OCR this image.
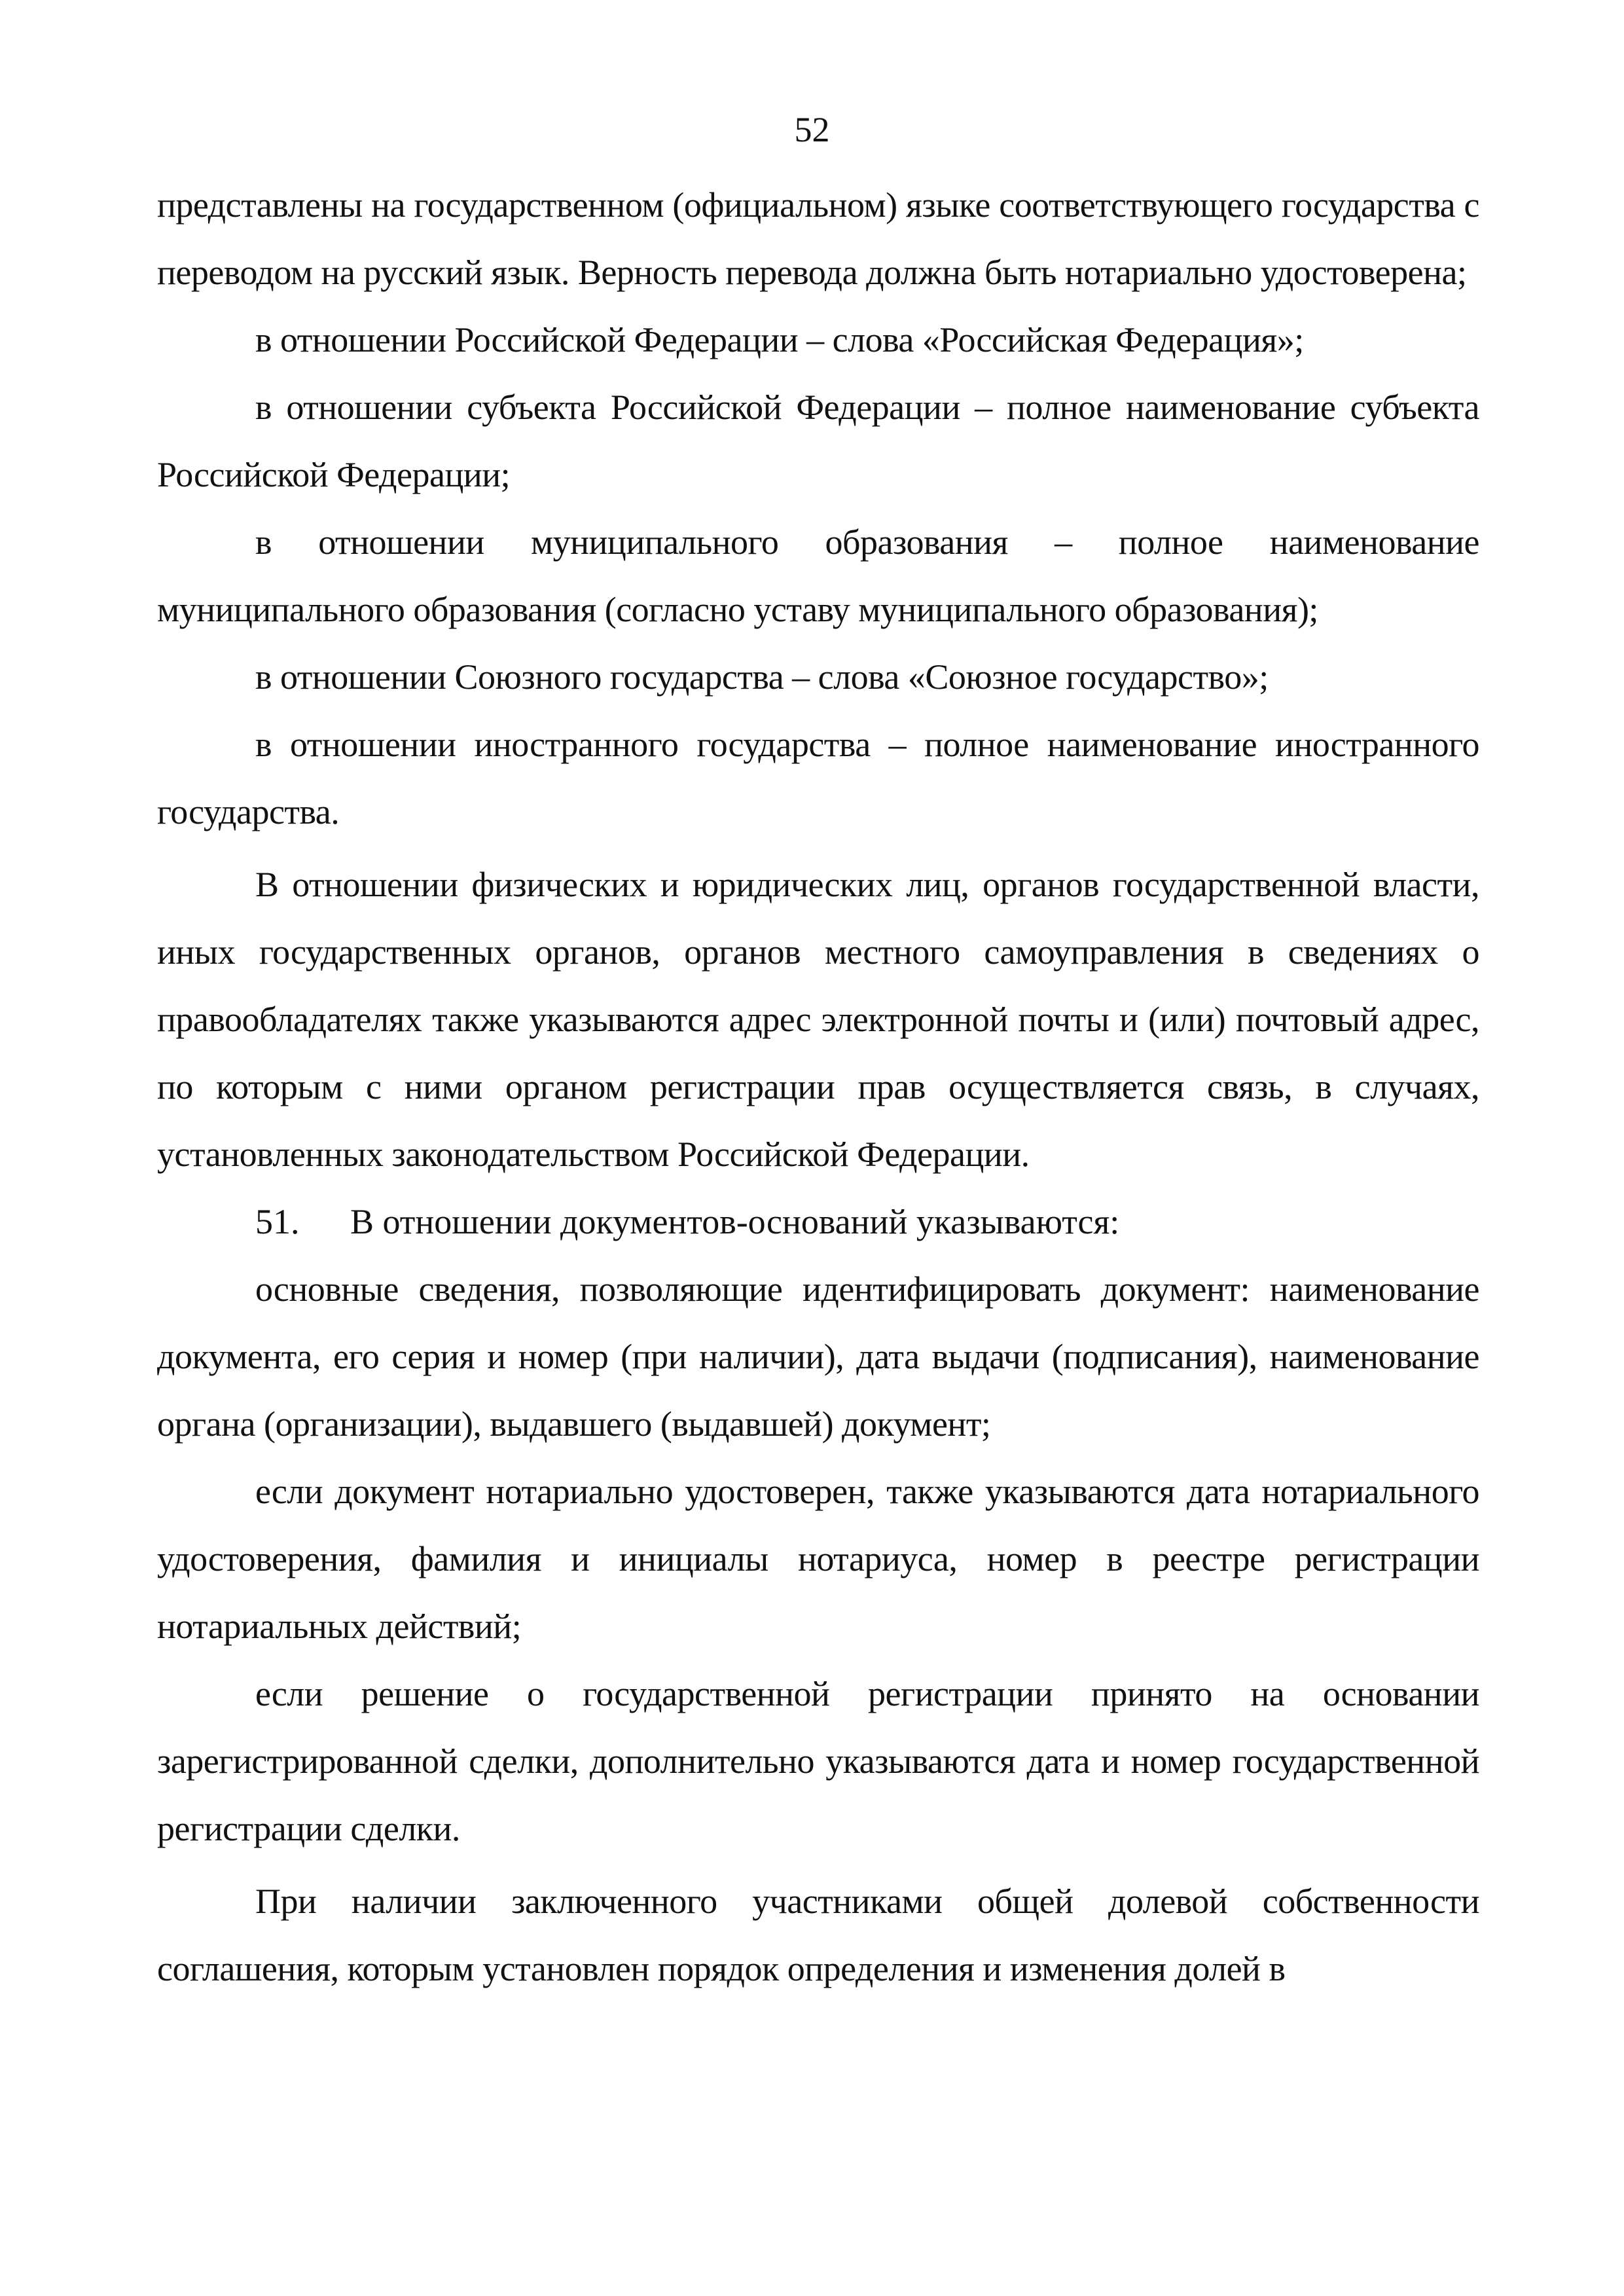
52

представлены на государственном (официальном) языке соответствующего государства с переводом на русский язык. Верность перевода должна быть нотариально удостоверена;

в отношении Российской Федерации – слова «Российская Федерация»;

в отношении субъекта Российской Федерации – полное наименование субъекта Российской Федерации;

в отношении муниципального образования – полное наименование муниципального образования (согласно уставу муниципального образования);

в отношении Союзного государства – слова «Союзное государство»;

в отношении иностранного государства – полное наименование иностранного государства.

В отношении физических и юридических лиц, органов государственной власти, иных государственных органов, органов местного самоуправления в сведениях о правообладателях также указываются адрес электронной почты и (или) почтовый адрес, по которым с ними органом регистрации прав осуществляется связь, в случаях, установленных законодательством Российской Федерации.

51. В отношении документов-оснований указываются:

основные сведения, позволяющие идентифицировать документ: наименование документа, его серия и номер (при наличии), дата выдачи (подписания), наименование органа (организации), выдавшего (выдавшей) документ;

если документ нотариально удостоверен, также указываются дата нотариального удостоверения, фамилия и инициалы нотариуса, номер в реестре регистрации нотариальных действий;

если решение о государственной регистрации принято на основании зарегистрированной сделки, дополнительно указываются дата и номер государственной регистрации сделки.

При наличии заключенного участниками общей долевой собственности соглашения, которым установлен порядок определения и изменения долей в
